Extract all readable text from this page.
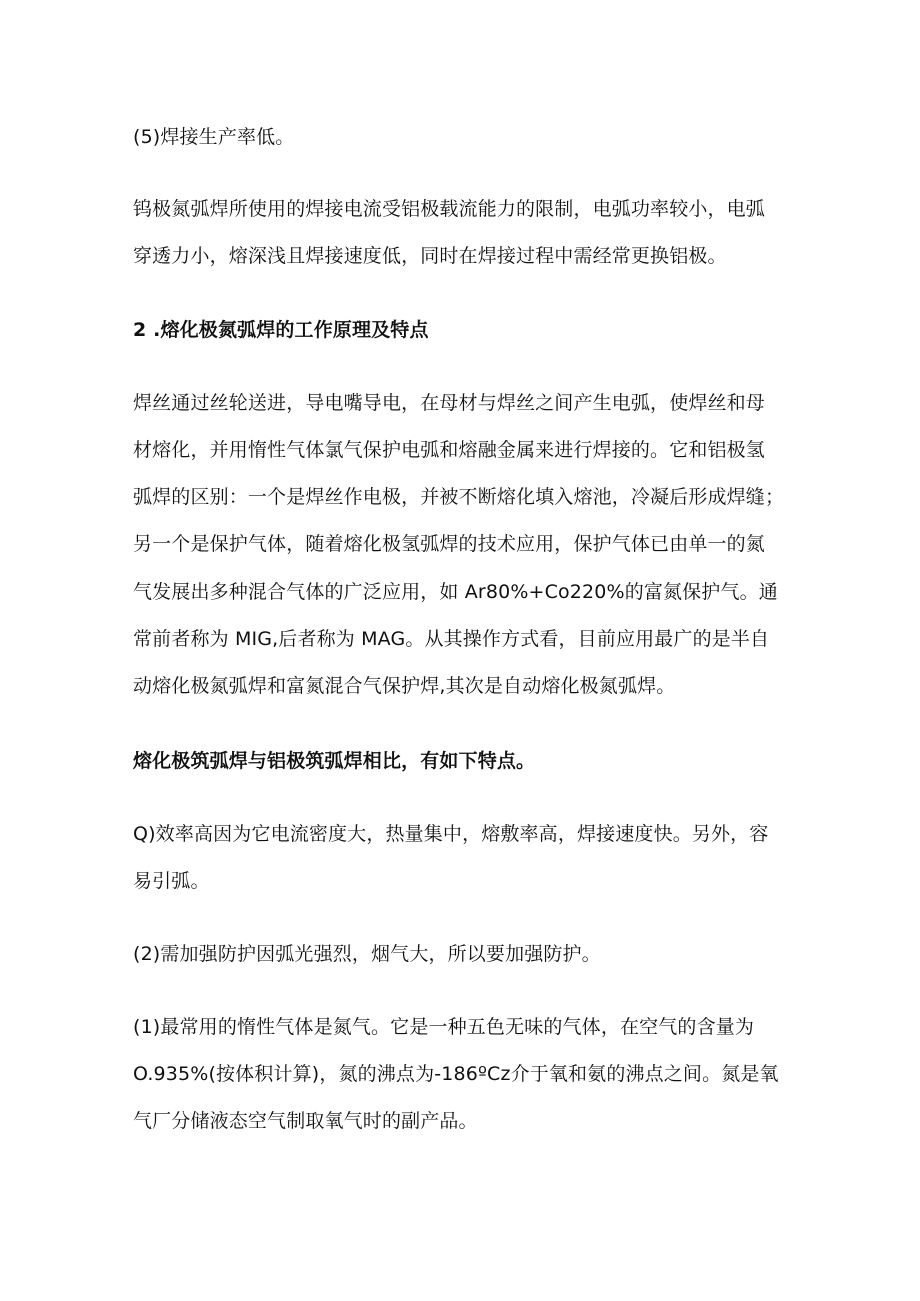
(5)焊接生产率低。

钨极氮弧焊所使用的焊接电流受铝极载流能力的限制，电弧功率较小，电弧

穿透力小，熔深浅且焊接速度低，同时在焊接过程中需经常更换铝极。

2 .熔化极氮弧焊的工作原理及特点

焊丝通过丝轮送进，导电嘴导电，在母材与焊丝之间产生电弧，使焊丝和母

材熔化，并用惰性气体氯气保护电弧和熔融金属来进行焊接的。它和铝极氢

弧焊的区别：一个是焊丝作电极，并被不断熔化填入熔池，冷凝后形成焊缝；

另一个是保护气体，随着熔化极氢弧焊的技术应用，保护气体已由单一的氮

气发展出多种混合气体的广泛应用，如 Ar80%+Co220%的富氮保护气。通

常前者称为 MIG,后者称为 MAG。从其操作方式看，目前应用最广的是半自

动熔化极氮弧焊和富氮混合气保护焊,其次是自动熔化极氮弧焊。

熔化极筑弧焊与铝极筑弧焊相比，有如下特点。

Q)效率高因为它电流密度大，热量集中，熔敷率高，焊接速度快。另外，容

易引弧。

(2)需加强防护因弧光强烈，烟气大，所以要加强防护。

(1)最常用的惰性气体是氮气。它是一种五色无味的气体，在空气的含量为

O.935%(按体积计算)，氮的沸点为-186ºCz介于氧和氨的沸点之间。氮是氧

气厂分储液态空气制取氧气时的副产品。
